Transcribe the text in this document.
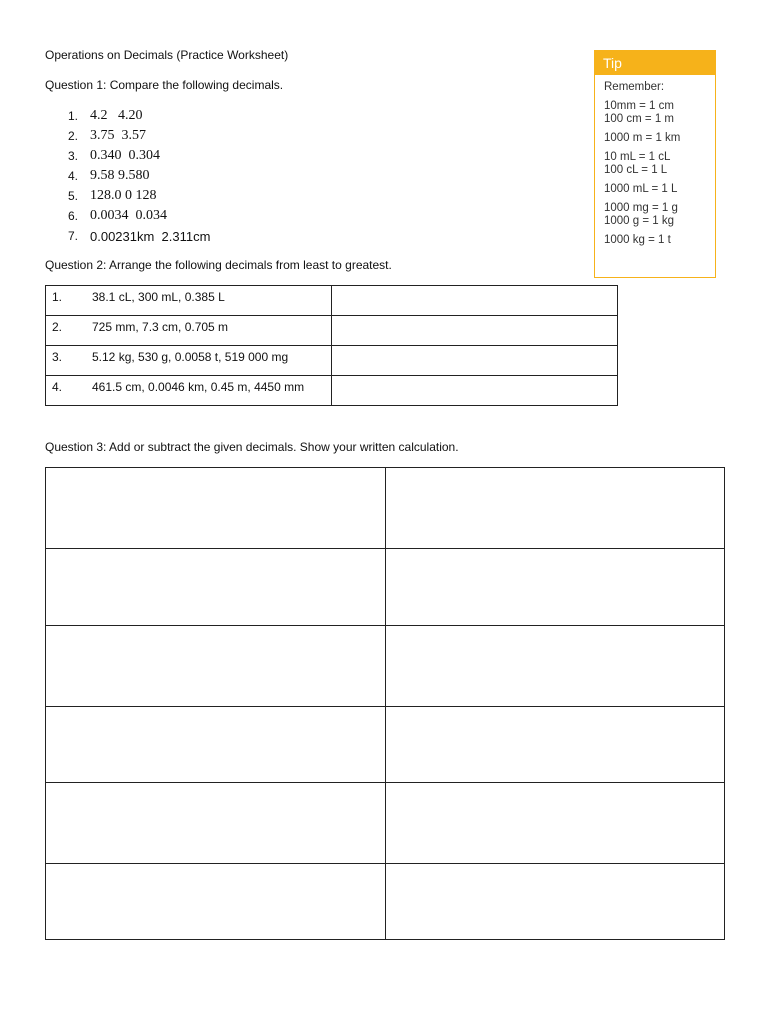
Operations on Decimals (Practice Worksheet)
Question 1: Compare the following decimals.
1. 4.2   4.20
2. 3.75  3.57
3. 0.340  0.304
4. 9.58 9.580
5. 128.0 0 128
6. 0.0034  0.034
7. 0.00231km  2.311cm
Question 2: Arrange the following decimals from least to greatest.
1. 38.1 cL, 300 mL, 0.385 L	
2. 725 mm, 7.3 cm, 0.705 m	
3. 5.12 kg, 530 g, 0.0058 t, 519 000 mg	
4. 461.5 cm, 0.0046 km, 0.45 m, 4450 mm	
Question 3: Add or subtract the given decimals. Show your written calculation.
Tip
Remember:
10mm = 1 cm
100 cm = 1 m
1000 m = 1 km
10 mL = 1 cL
100 cL = 1 L
1000 mL = 1 L
1000 mg = 1 g
1000 g = 1 kg
1000 kg = 1 t
